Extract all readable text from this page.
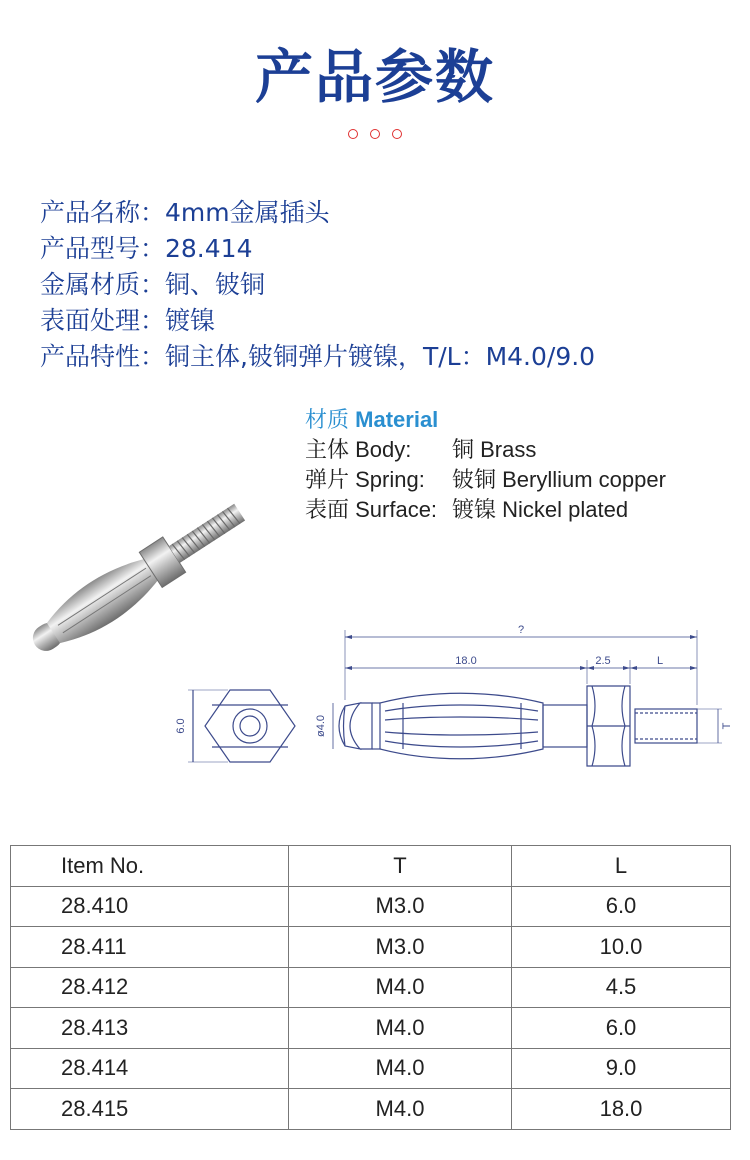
产品参数
产品名称：4mm金属插头
产品型号：28.414
金属材质：铜、铍铜
表面处理：镀镍
产品特性：铜主体,铍铜弹片镀镍，T/L：M4.0/9.0
材质 Material
主体 Body: 铜 Brass
弹片 Spring: 铍铜 Beryllium copper
表面 Surface: 镀镍 Nickel plated
6.0
?
18.0	2.5	L
ø4.0	T
Item No.	T	L
28.410	M3.0	6.0
28.411	M3.0	10.0
28.412	M4.0	4.5
28.413	M4.0	6.0
28.414	M4.0	9.0
28.415	M4.0	18.0
